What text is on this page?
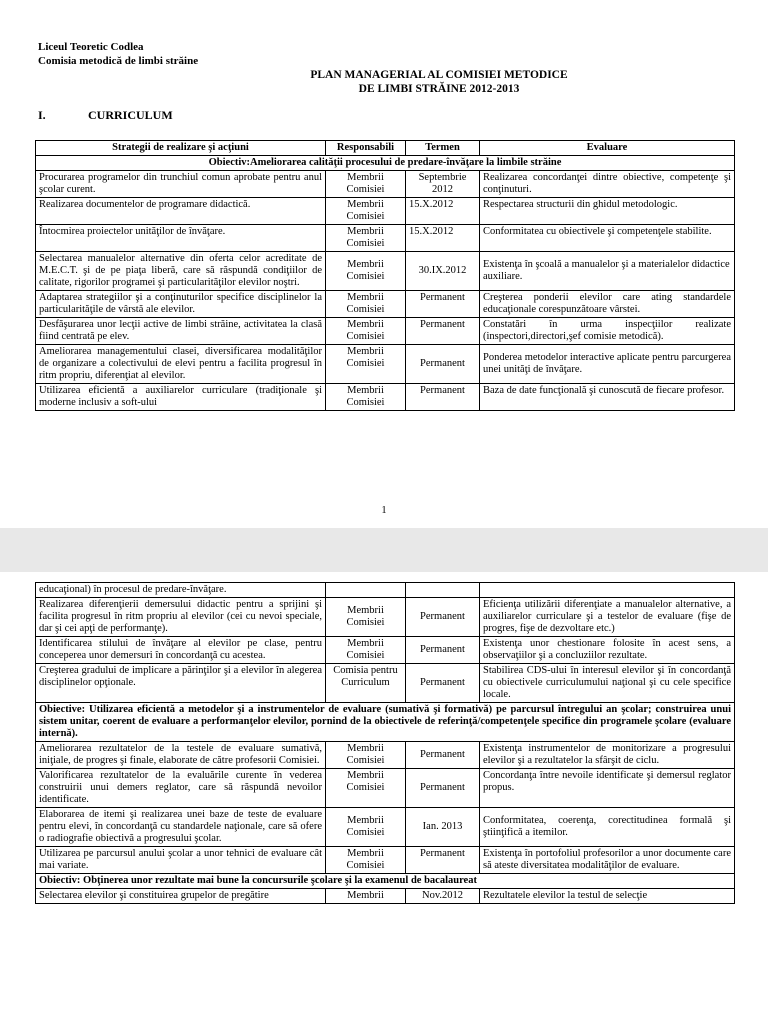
Liceul Teoretic Codlea
Comisia metodică de limbi străine
PLAN MANAGERIAL AL COMISIEI METODICE
DE LIMBI STRĂINE 2012-2013
I.	CURRICULUM
Strategii de realizare şi acţiuni	Responsabili	Termen	Evaluare
Obiectiv:Ameliorarea calităţii procesului de predare-învăţare la limbile străine			
Procurarea programelor din trunchiul comun aprobate pentru anul şcolar curent.	Membrii Comisiei	Septembrie 2012	Realizarea concordanţei dintre obiective, competenţe şi conţinuturi.
Realizarea documentelor de programare didactică.	Membrii Comisiei	15.X.2012	Respectarea structurii din ghidul metodologic.
Întocmirea proiectelor unităţilor de învăţare.	Membrii Comisiei	15.X.2012	Conformitatea cu obiectivele şi competenţele stabilite.
Selectarea manualelor alternative din oferta celor acreditate de M.E.C.T. şi de pe piaţa liberă, care să răspundă condiţiilor de calitate, rigorilor programei şi particularităţilor elevilor noştri.	Membrii Comisiei	30.IX.2012	Existenţa în şcoală a manualelor şi a materialelor didactice auxiliare.
Adaptarea strategiilor şi a conţinuturilor specifice disciplinelor la particularităţile de vârstă ale elevilor.	Membrii Comisiei	Permanent	Creşterea ponderii elevilor care ating standardele educaţionale corespunzătoare vârstei.
Desfăşurarea unor lecţii active de limbi străine, activitatea la clasă fiind centrată pe elev.	Membrii Comisiei	Permanent	Constatări în urma inspecţiilor realizate (inspectori,directori,şef comisie metodică).
Ameliorarea managementului clasei, diversificarea modalităţilor de organizare a colectivului de elevi pentru a facilita progresul în ritm propriu, diferenţiat al elevilor.	Membrii Comisiei	Permanent	Ponderea metodelor interactive aplicate pentru parcurgerea unei unităţi de învăţare.
Utilizarea eficientă a auxiliarelor curriculare (tradiţionale şi moderne inclusiv a soft-ului	Membrii Comisiei	Permanent	Baza de date funcţională şi cunoscută de fiecare profesor.
1
educaţional) în procesul de predare-învăţare.			
Realizarea diferenţierii demersului didactic pentru a sprijini şi facilita progresul în ritm propriu al elevilor (cei cu nevoi speciale, dar şi cei apţi de performanţe).	Membrii Comisiei	Permanent	Eficienţa utilizării diferenţiate a manualelor alternative, a auxiliarelor curriculare şi a testelor de evaluare (fişe de progres, fişe de dezvoltare etc.)
Identificarea stilului de învăţare al elevilor pe clase, pentru conceperea unor demersuri în concordanţă cu acestea.	Membrii Comisiei	Permanent	Existenţa unor chestionare folosite în acest sens, a observaţiilor şi a concluziilor rezultate.
Creşterea gradului de implicare a părinţilor şi a elevilor în alegerea disciplinelor opţionale.	Comisia pentru Curriculum	Permanent	Stabilirea CDS-ului în interesul elevilor şi în concordanţă cu obiectivele curriculumului naţional şi cu cele specifice locale.
Obiective: Utilizarea eficientă a metodelor şi a instrumentelor de evaluare (sumativă şi formativă) pe parcursul întregului an şcolar; construirea unui sistem unitar, coerent de evaluare a performanţelor elevilor, pornind de la obiectivele de referinţă/competenţele specifice din programele şcolare (evaluare internă).			
Ameliorarea rezultatelor de la testele de evaluare sumativă, iniţiale, de progres şi finale, elaborate de către profesorii Comisiei.	Membrii Comisiei	Permanent	Existenţa instrumentelor de monitorizare a progresului elevilor şi a rezultatelor la sfârşit de ciclu.
Valorificarea rezultatelor de la evaluările curente în vederea construirii unui demers reglator, care să răspundă nevoilor identificate.	Membrii Comisiei	Permanent	Concordanţa între nevoile identificate şi demersul reglator propus.
Elaborarea de itemi şi realizarea unei baze de teste de evaluare pentru elevi, în concordanţă cu standardele naţionale, care să ofere o radiografie obiectivă a progresului şcolar.	Membrii Comisiei	Ian. 2013	Conformitatea, coerenţa, corectitudinea formală şi ştiinţifică a itemilor.
Utilizarea pe parcursul anului şcolar a unor tehnici de evaluare cât mai variate.	Membrii Comisiei	Permanent	Existenţa în portofoliul profesorilor a unor documente care să ateste diversitatea modalităţilor de evaluare.
Obiectiv: Obţinerea unor rezultate mai bune la concursurile şcolare şi la examenul de bacalaureat			
Selectarea elevilor şi constituirea grupelor de pregătire	Membrii	Nov.2012	Rezultatele elevilor la testul de selecţie
